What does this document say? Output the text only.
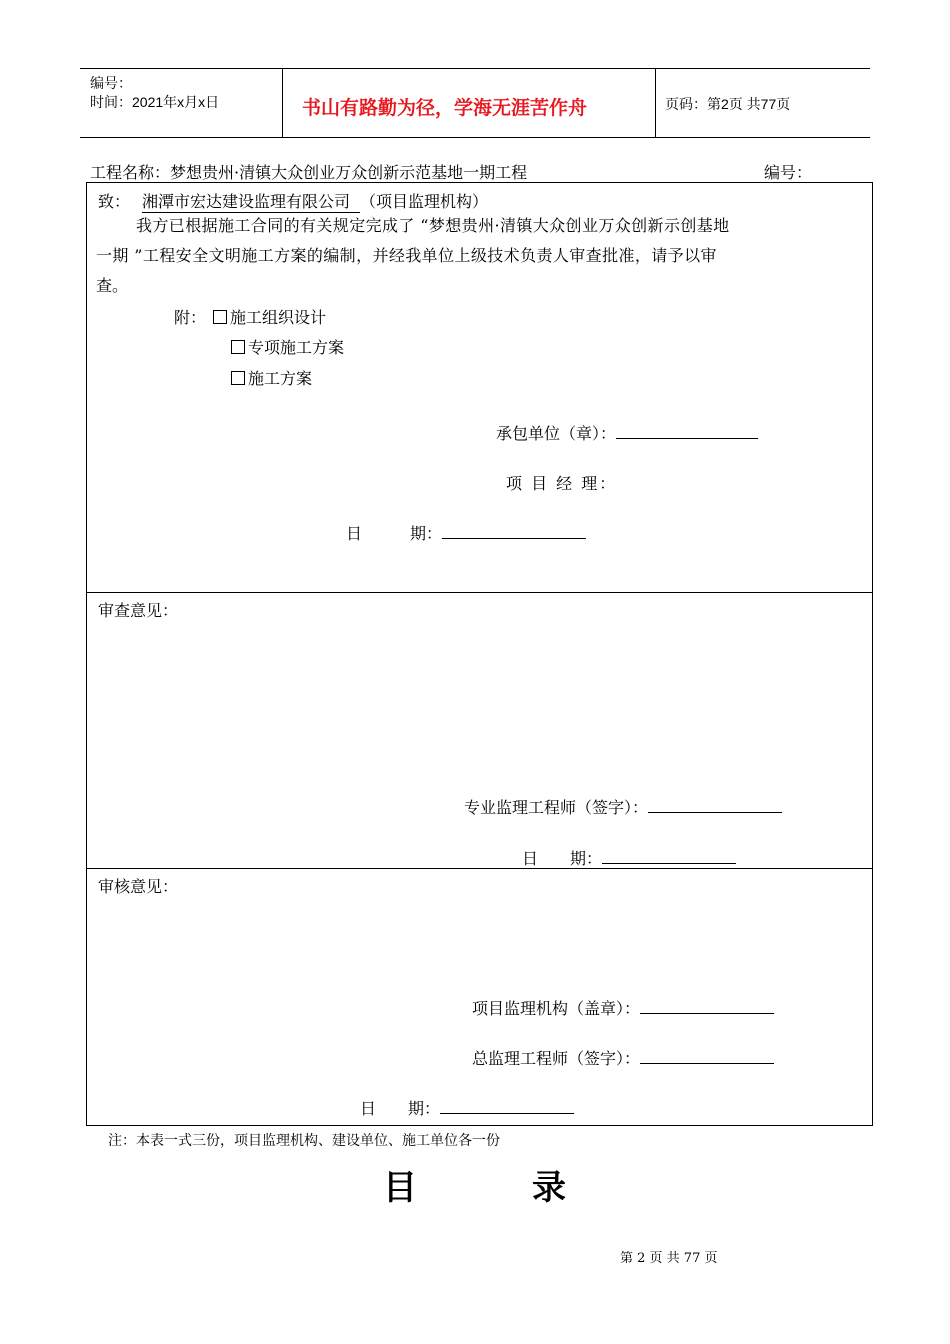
编号：
时间：2021年x月x日	书山有路勤为径，学海无涯苦作舟	页码：第2页 共77页
工程名称：梦想贵州·清镇大众创业万众创新示范基地一期工程	编号：
致： 湘潭市宏达建设监理有限公司 （项目监理机构）
我方已根据施工合同的有关规定完成了 “梦想贵州·清镇大众创业万众创新示创基地
一期 ”工程安全文明施工方案的编制，并经我单位上级技术负责人审查批准，请予以审
查。
附：	施工组织设计
专项施工方案
施工方案
承包单位（章）：
项 目 经 理：
日　　　期：
审查意见：
专业监理工程师（签字）：
日　　期：
审核意见：
项目监理机构（盖章）：
总监理工程师（签字）：
日　　期：
注：本表一式三份，项目监理机构、建设单位、施工单位各一份
目	录
第 2 页 共 77 页
